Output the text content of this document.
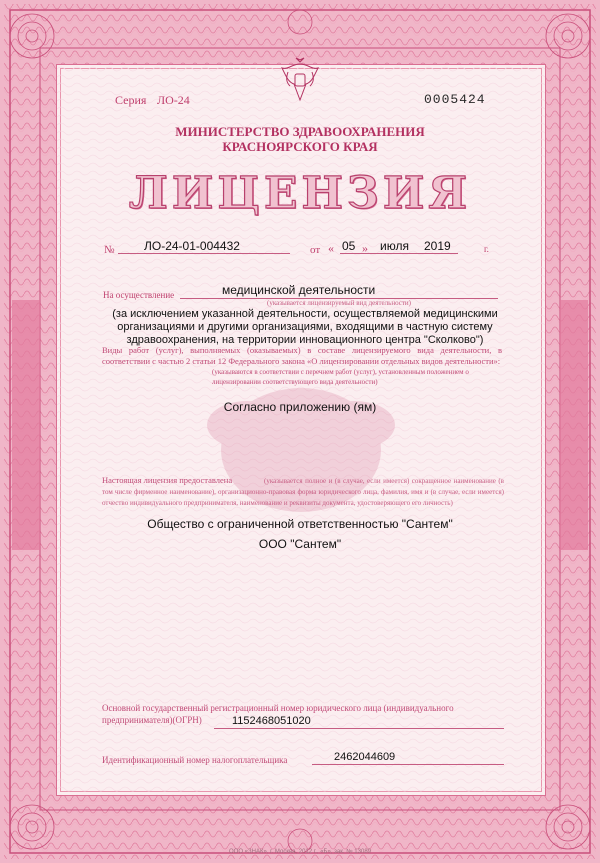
Серия ЛО-24	0005424
МИНИСТЕРСТВО ЗДРАВООХРАНЕНИЯ
КРАСНОЯРСКОГО КРАЯ
ЛИЦЕНЗИЯ
№ ЛО-24-01-004432	от « 05 » июля 2019	г.
На осуществление	медицинской деятельности
(указывается лицензируемый вид деятельности)
(за исключением указанной деятельности, осуществляемой медицинскими организациями и другими организациями, входящими в частную систему здравоохранения, на территории инновационного центра "Сколково")
Виды работ (услуг), выполняемых (оказываемых) в составе лицензируемого вида деятельности, в соответствии с частью 2 статьи 12 Федерального закона «О лицензировании отдельных видов деятельности»:
(указываются в соответствии с перечнем работ (услуг), установленным положением о лицензировании соответствующего вида деятельности)
Согласно приложению (ям)
Настоящая лицензия предоставлена	(указывается полное и (в случае, если имеется) сокращенное наименование (в том числе фирменное наименование), организационно-правовая форма юридического лица, фамилия, имя и (в случае, если имеется) отчество индивидуального предпринимателя, наименование и реквизиты документа, удостоверяющего его личность)
Общество с ограниченной ответственностью "Сантем"
ООО "Сантем"
Основной государственный регистрационный номер юридического лица (индивидуального предпринимателя)(ОГРН)	1152468051020
Идентификационный номер налогоплательщика	2462044609
ООО «ЗНАК», г. Москва, 2012 г., «Б», зак. № 13089
